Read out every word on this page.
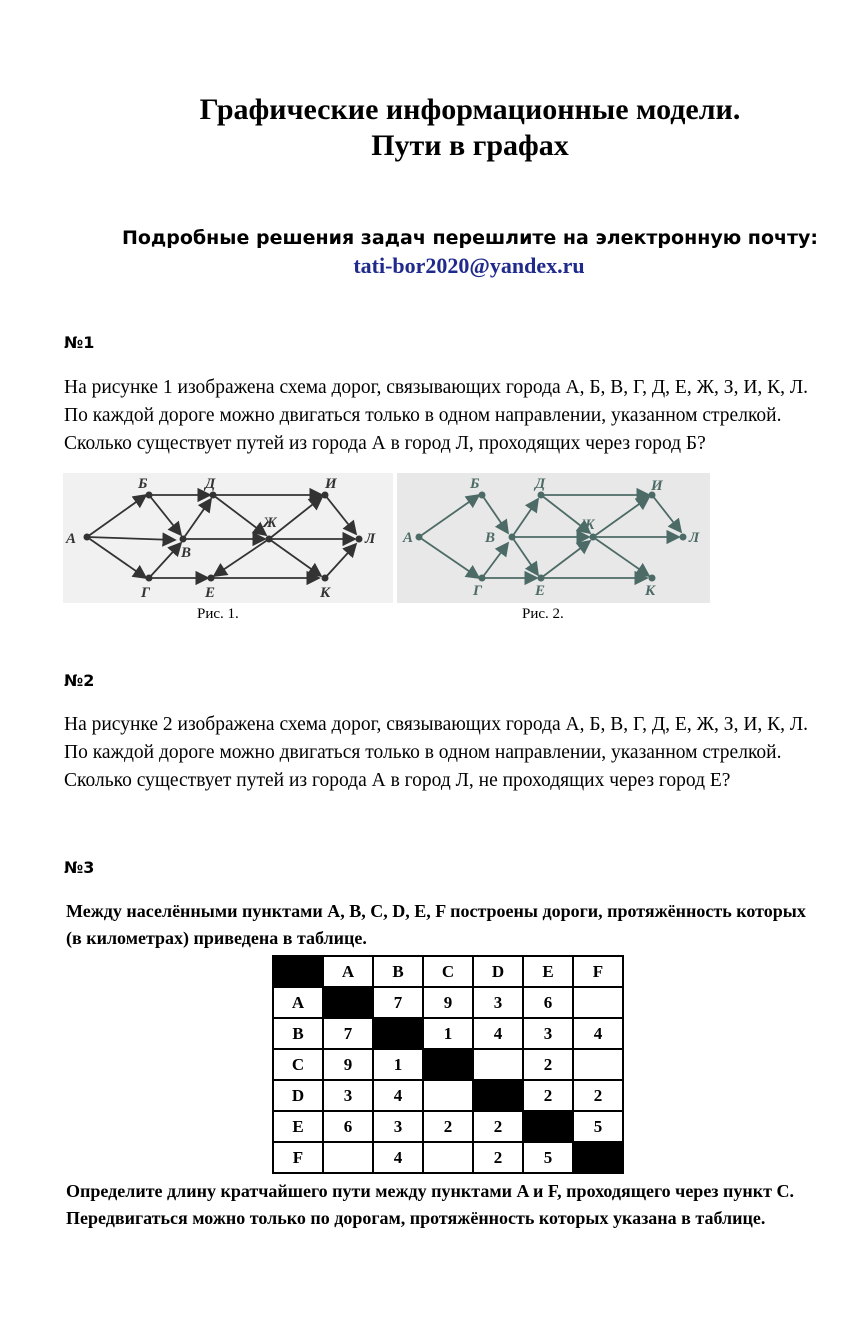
Графические информационные модели.
Пути в графах
Подробные решения задач перешлите на электронную почту:
tati-bor2020@yandex.ru
№1
На рисунке 1 изображена схема дорог, связывающих города А, Б, В, Г, Д, Е, Ж, З, И, К, Л.
По каждой дороге можно двигаться только в одном направлении, указанном стрелкой.
Сколько существует путей из города А в город Л, проходящих через город Б?
А
Б
Г
В
Д
Е
Ж
И
К
Л А
Б
В
Г
Д
Е
Ж
И
К
Л
Рис. 1.	Рис. 2.
№2
На рисунке 2 изображена схема дорог, связывающих города А, Б, В, Г, Д, Е, Ж, З, И, К, Л.
По каждой дороге можно двигаться только в одном направлении, указанном стрелкой.
Сколько существует путей из города А в город Л, не проходящих через город Е?
№3
Между населёнными пунктами A, B, C, D, E, F построены дороги, протяжённость которых
(в километрах) приведена в таблице.
	A	B	C	D	E	F
A		7	9	3	6	
B	7		1	4	3	4
C	9	1			2	
D	3	4			2	2
E	6	3	2	2		5
F		4		2	5	
Определите длину кратчайшего пути между пунктами A и F, проходящего через пункт C.
Передвигаться можно только по дорогам, протяжённость которых указана в таблице.
